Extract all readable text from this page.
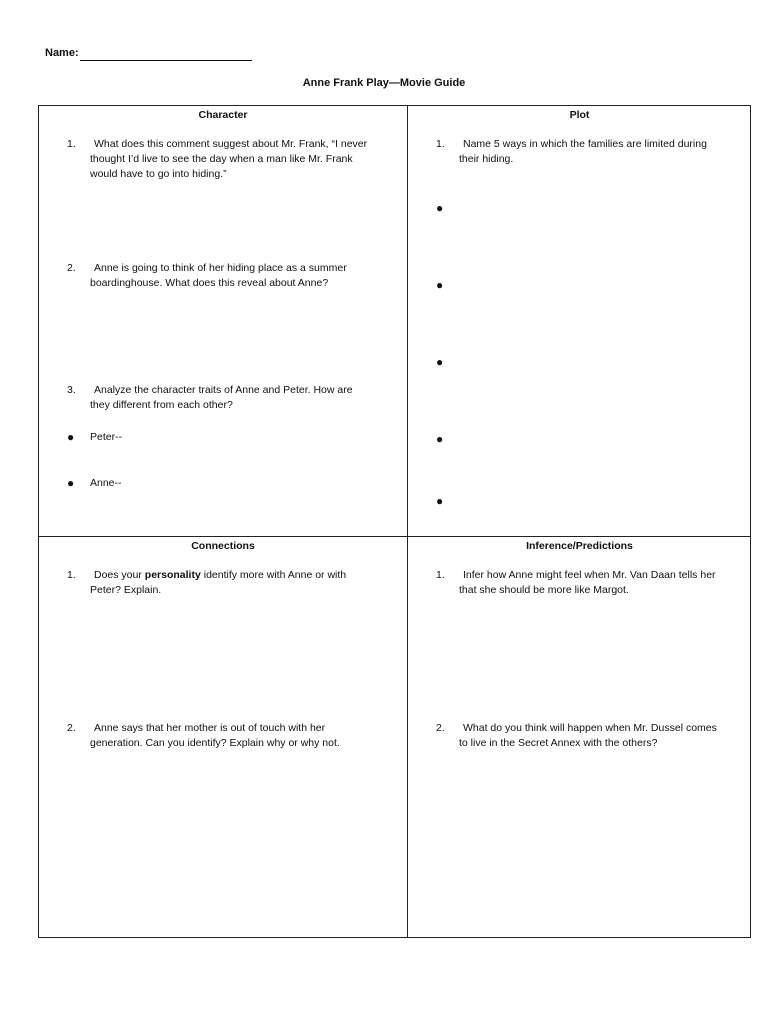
Name:
Anne Frank Play—Movie Guide
Character
1.	What does this comment suggest about Mr. Frank, “I never
thought I’d live to see the day when a man like Mr. Frank
would have to go into hiding.”
2.	Anne is going to think of her hiding place as a summer
boardinghouse. What does this reveal about Anne?
3.	Analyze the character traits of Anne and Peter. How are
they different from each other?
●	Peter--
●	Anne--
Plot
1.	Name 5 ways in which the families are limited during
their hiding.
●
●
●
●
●
Connections
1.	Does your personality identify more with Anne or with
Peter? Explain.
2.	Anne says that her mother is out of touch with her
generation. Can you identify? Explain why or why not.
Inference/Predictions
1.	Infer how Anne might feel when Mr. Van Daan tells her
that she should be more like Margot.
2.	What do you think will happen when Mr. Dussel comes
to live in the Secret Annex with the others?
